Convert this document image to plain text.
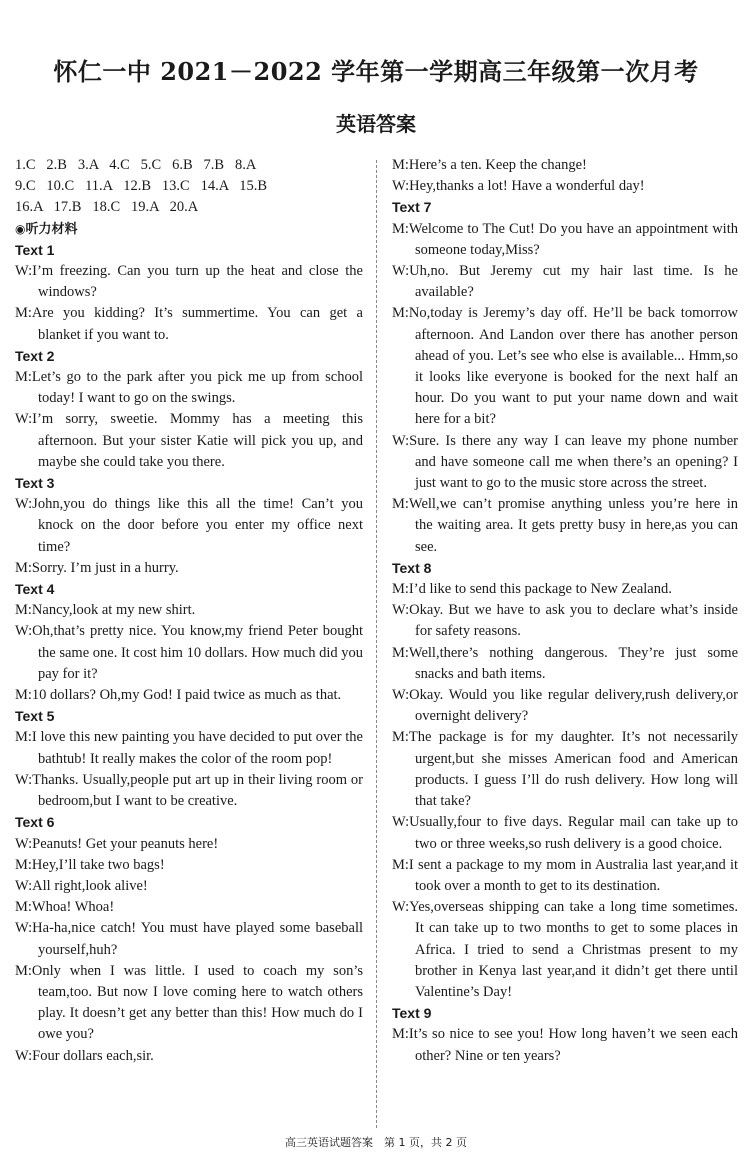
怀仁一中 2021－2022 学年第一学期高三年级第一次月考
英语答案

1.C   2.B   3.A   4.C   5.C   6.B   7.B   8.A

9.C   10.C   11.A   12.B   13.C   14.A   15.B

16.A   17.B   18.C   19.A   20.A

◉听力材料

Text 1

W:I’m freezing. Can you turn up the heat and close the windows?

M:Are you kidding? It’s summertime. You can get a blanket if you want to.

Text 2

M:Let’s go to the park after you pick me up from school today! I want to go on the swings.

W:I’m sorry, sweetie. Mommy has a meeting this afternoon. But your sister Katie will pick you up, and maybe she could take you there.

Text 3

W:John,you do things like this all the time! Can’t you knock on the door before you enter my office next time?

M:Sorry. I’m just in a hurry.

Text 4

M:Nancy,look at my new shirt.

W:Oh,that’s pretty nice. You know,my friend Peter bought the same one. It cost him 10 dollars. How much did you pay for it?

M:10 dollars? Oh,my God! I paid twice as much as that.

Text 5

M:I love this new painting you have decided to put over the bathtub! It really makes the color of the room pop!

W:Thanks. Usually,people put art up in their living room or bedroom,but I want to be creative.

Text 6

W:Peanuts! Get your peanuts here!

M:Hey,I’ll take two bags!

W:All right,look alive!

M:Whoa! Whoa!

W:Ha-ha,nice catch! You must have played some baseball yourself,huh?

M:Only when I was little. I used to coach my son’s team,too. But now I love coming here to watch others play. It doesn’t get any better than this! How much do I owe you?

W:Four dollars each,sir.

M:Here’s a ten. Keep the change!

W:Hey,thanks a lot! Have a wonderful day!

Text 7

M:Welcome to The Cut! Do you have an appointment with someone today,Miss?

W:Uh,no. But Jeremy cut my hair last time. Is he available?

M:No,today is Jeremy’s day off. He’ll be back tomorrow afternoon. And Landon over there has another person ahead of you. Let’s see who else is available... Hmm,so it looks like everyone is booked for the next half an hour. Do you want to put your name down and wait here for a bit?

W:Sure. Is there any way I can leave my phone number and have someone call me when there’s an opening? I just want to go to the music store across the street.

M:Well,we can’t promise anything unless you’re here in the waiting area. It gets pretty busy in here,as you can see.

Text 8

M:I’d like to send this package to New Zealand.

W:Okay. But we have to ask you to declare what’s inside for safety reasons.

M:Well,there’s nothing dangerous. They’re just some snacks and bath items.

W:Okay. Would you like regular delivery,rush delivery,or overnight delivery?

M:The package is for my daughter. It’s not necessarily urgent,but she misses American food and American products. I guess I’ll do rush delivery. How long will that take?

W:Usually,four to five days. Regular mail can take up to two or three weeks,so rush delivery is a good choice.

M:I sent a package to my mom in Australia last year,and it took over a month to get to its destination.

W:Yes,overseas shipping can take a long time sometimes. It can take up to two months to get to some places in Africa. I tried to send a Christmas present to my brother in Kenya last year,and it didn’t get there until Valentine’s Day!

Text 9

M:It’s so nice to see you! How long haven’t we seen each other? Nine or ten years?

高三英语试题答案　第 1 页，共 2 页
